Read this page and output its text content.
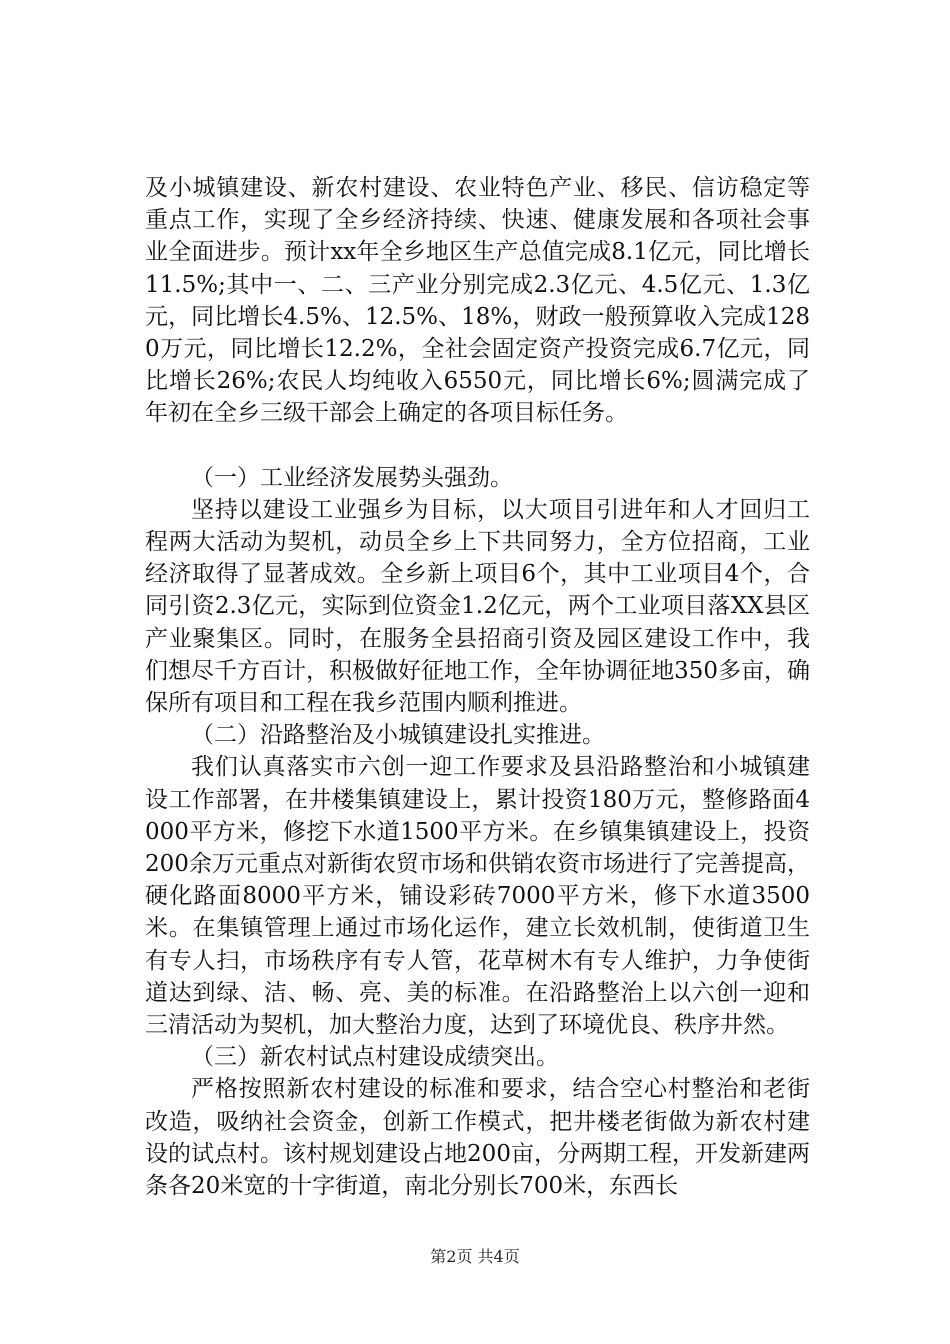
及小城镇建设、新农村建设、农业特色产业、移民、信访稳定等重点工作，实现了全乡经济持续、快速、健康发展和各项社会事业全面进步。预计xx年全乡地区生产总值完成8.1亿元，同比增长11.5%;其中一、二、三产业分别完成2.3亿元、4.5亿元、1.3亿元，同比增长4.5%、12.5%、18%，财政一般预算收入完成1280万元，同比增长12.2%，全社会固定资产投资完成6.7亿元，同比增长26%;农民人均纯收入6550元，同比增长6%;圆满完成了年初在全乡三级干部会上确定的各项目标任务。

（一）工业经济发展势头强劲。

坚持以建设工业强乡为目标，以大项目引进年和人才回归工程两大活动为契机，动员全乡上下共同努力，全方位招商，工业经济取得了显著成效。全乡新上项目6个，其中工业项目4个，合同引资2.3亿元，实际到位资金1.2亿元，两个工业项目落XX县区产业聚集区。同时，在服务全县招商引资及园区建设工作中，我们想尽千方百计，积极做好征地工作，全年协调征地350多亩，确保所有项目和工程在我乡范围内顺利推进。

（二）沿路整治及小城镇建设扎实推进。

我们认真落实市六创一迎工作要求及县沿路整治和小城镇建设工作部署，在井楼集镇建设上，累计投资180万元，整修路面4000平方米，修挖下水道1500平方米。在乡镇集镇建设上，投资200余万元重点对新街农贸市场和供销农资市场进行了完善提高，硬化路面8000平方米，铺设彩砖7000平方米，修下水道3500米。在集镇管理上通过市场化运作，建立长效机制，使街道卫生有专人扫，市场秩序有专人管，花草树木有专人维护，力争使街道达到绿、洁、畅、亮、美的标准。在沿路整治上以六创一迎和三清活动为契机，加大整治力度，达到了环境优良、秩序井然。

（三）新农村试点村建设成绩突出。

严格按照新农村建设的标准和要求，结合空心村整治和老街改造，吸纳社会资金，创新工作模式，把井楼老街做为新农村建设的试点村。该村规划建设占地200亩，分两期工程，开发新建两条各20米宽的十字街道，南北分别长700米，东西长

第2页 共4页
